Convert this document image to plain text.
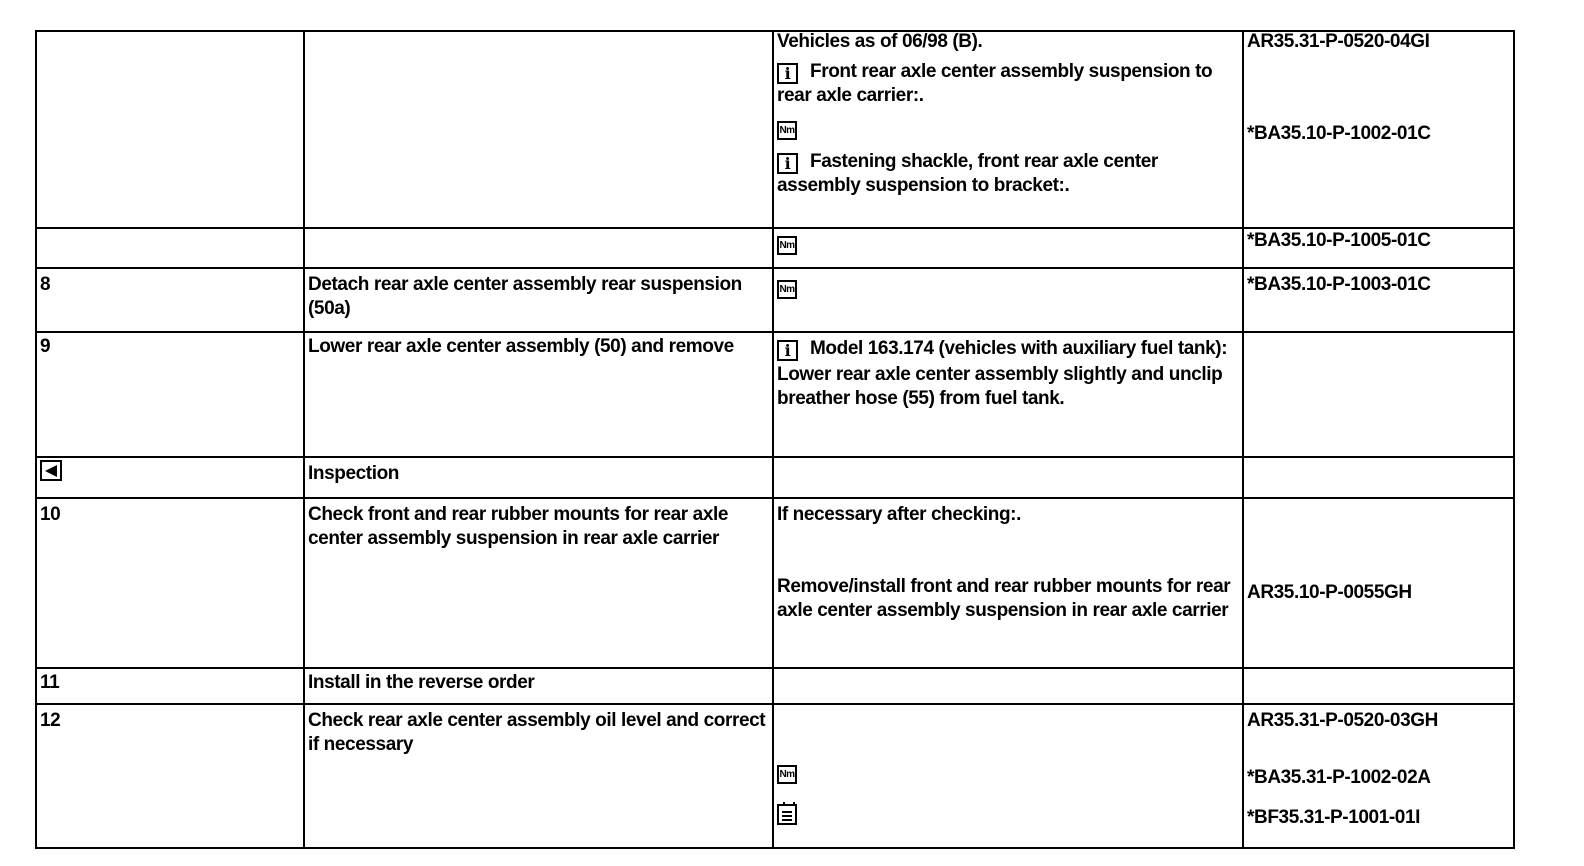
		Vehicles as of 06/98 (B).
i Front rear axle center assembly suspension to rear axle carrier:.
Nm
i Fastening shackle, front rear axle center assembly suspension to bracket:.	AR35.31-P-0520-04GI
*BA35.10-P-1002-01C

		Nm	*BA35.10-P-1005-01C

8	Detach rear axle center assembly rear suspension (50a)	Nm	*BA35.10-P-1003-01C

9	Lower rear axle center assembly (50) and remove	i Model 163.174 (vehicles with auxiliary fuel tank):
Lower rear axle center assembly slightly and unclip breather hose (55) from fuel tank.	

	Inspection		
10	Check front and rear rubber mounts for rear axle center assembly suspension in rear axle carrier	If necessary after checking:.
Remove/install front and rear rubber mounts for rear axle center assembly suspension in rear axle carrier	AR35.10-P-0055GH

11	Install in the reverse order		
12	Check rear axle center assembly oil level and correct if necessary	Nm	AR35.31-P-0520-03GH
*BA35.31-P-1002-02A
*BF35.31-P-1001-01I
